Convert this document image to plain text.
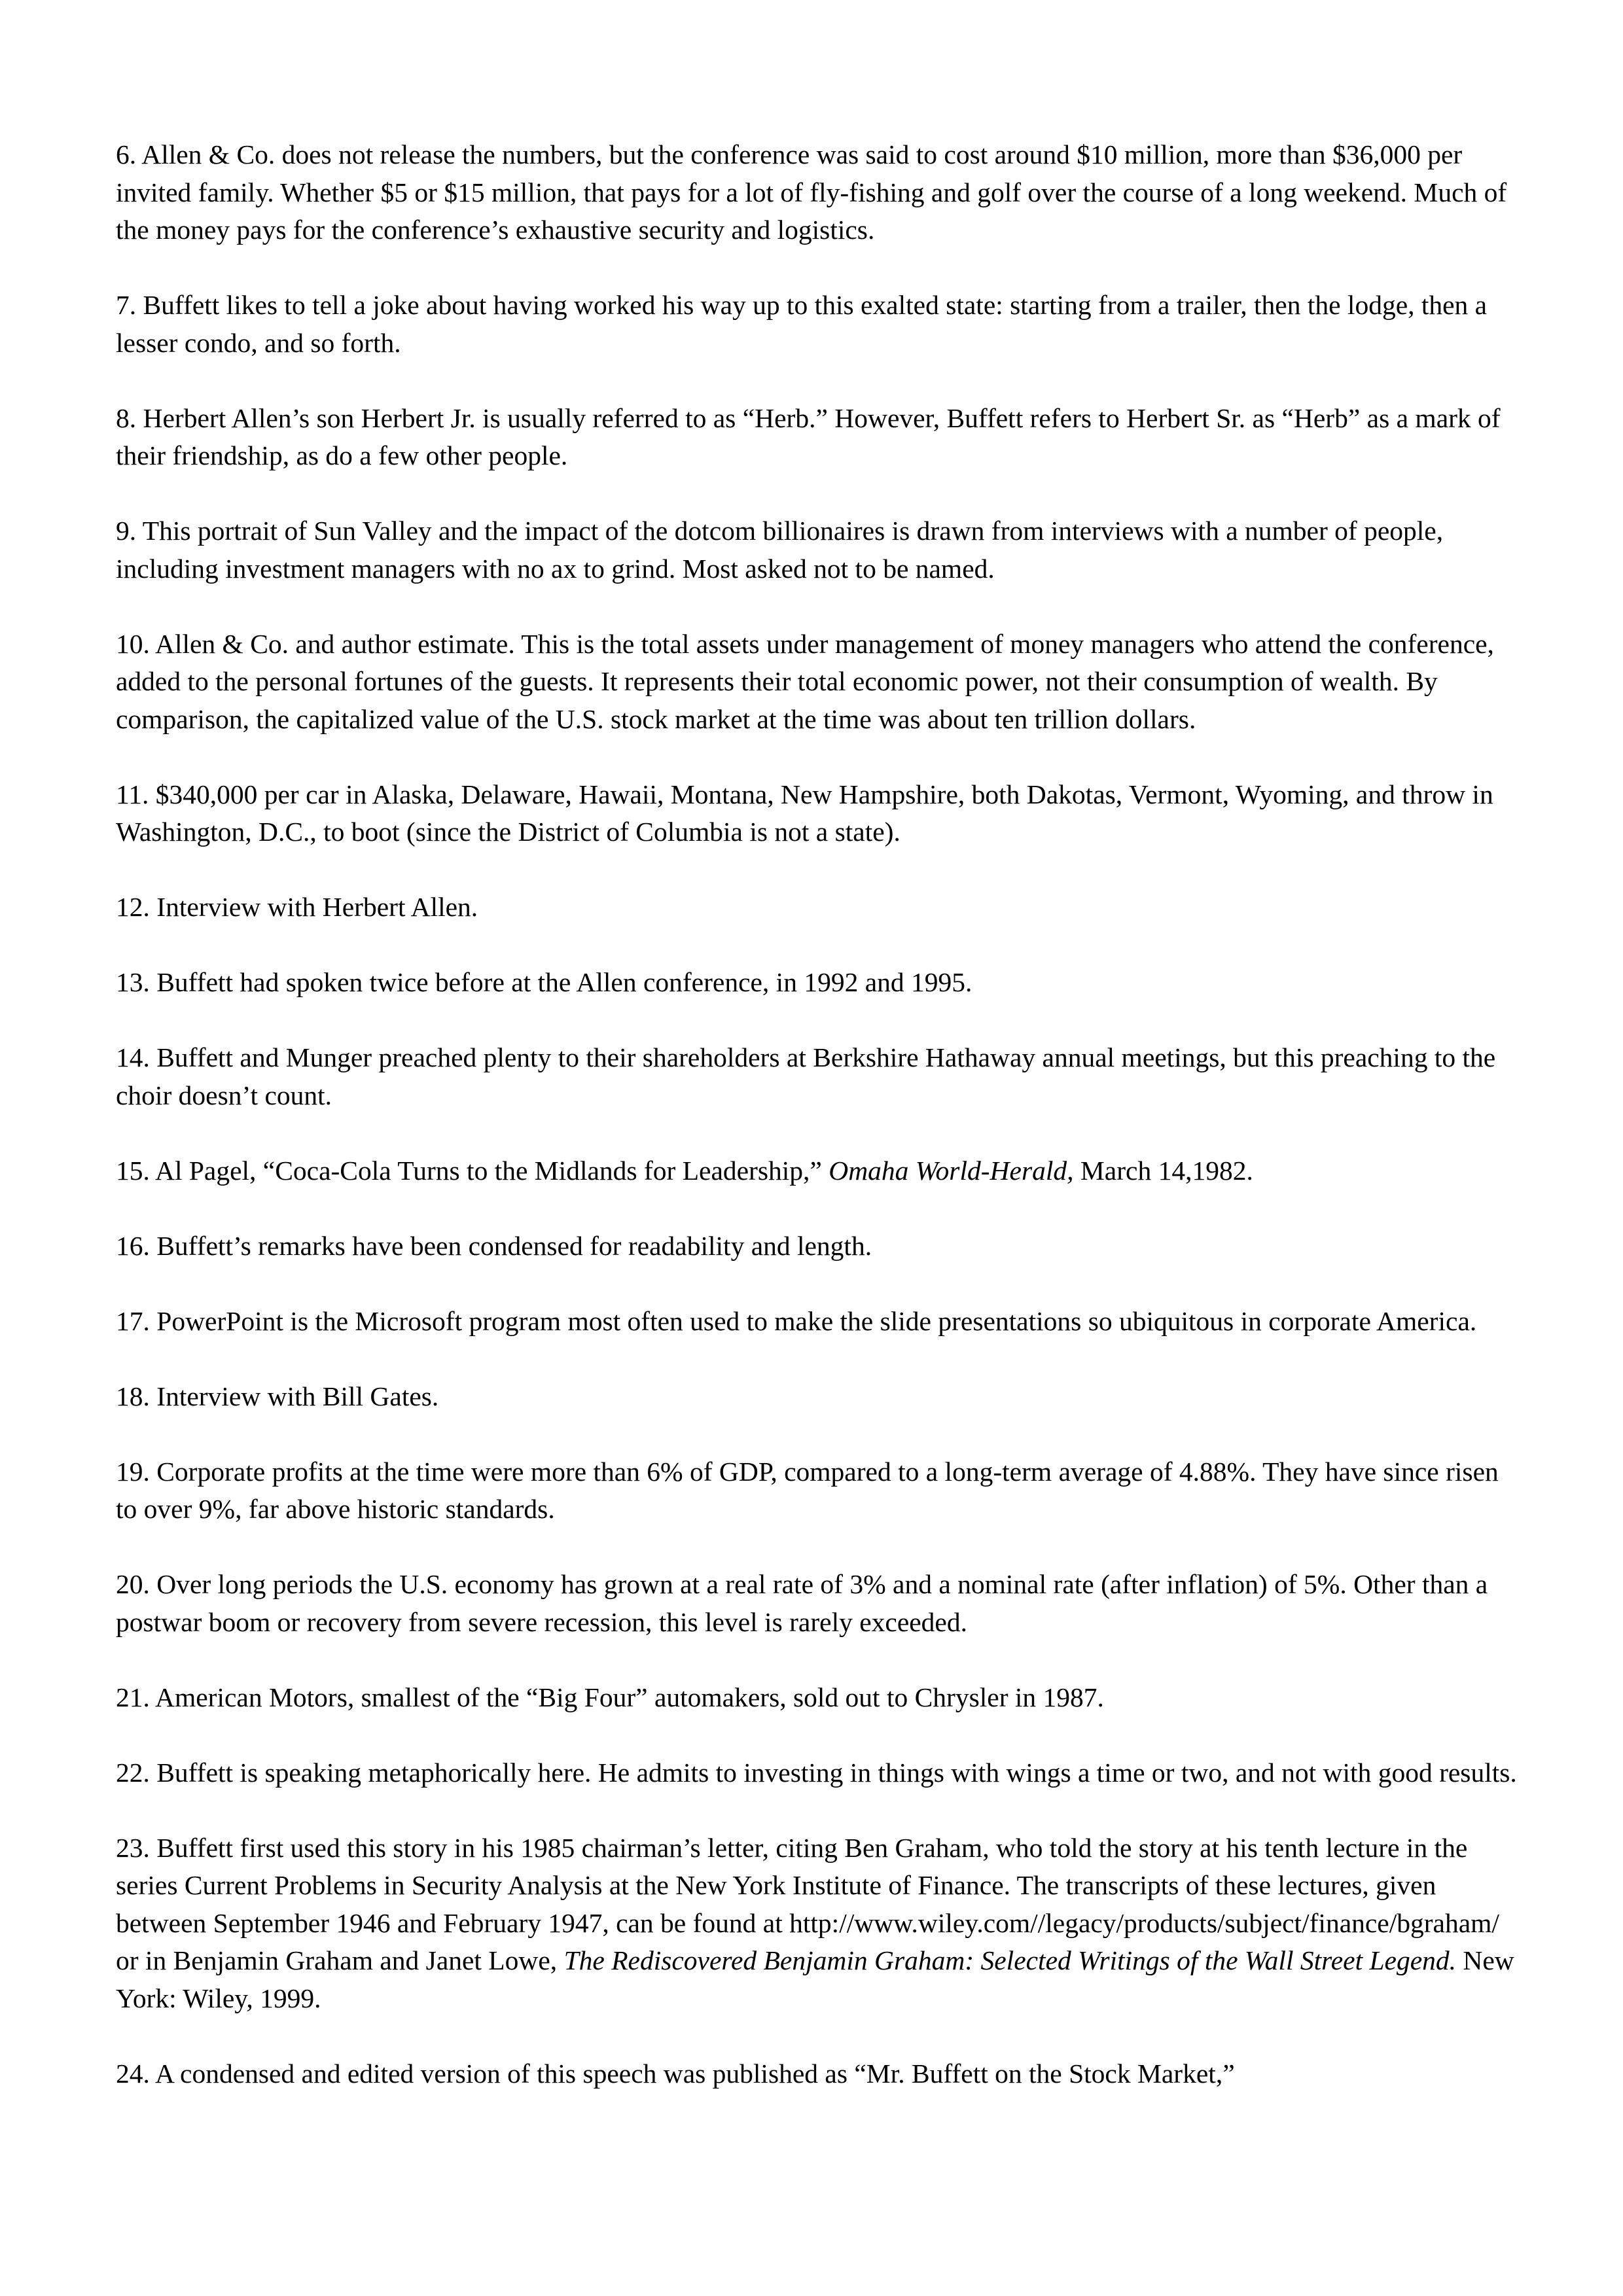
6. Allen & Co. does not release the numbers, but the conference was said to cost around $10 million, more than $36,000 per invited family. Whether $5 or $15 million, that pays for a lot of fly-fishing and golf over the course of a long weekend. Much of the money pays for the conference’s exhaustive security and logistics.

7. Buffett likes to tell a joke about having worked his way up to this exalted state: starting from a trailer, then the lodge, then a lesser condo, and so forth.

8. Herbert Allen’s son Herbert Jr. is usually referred to as “Herb.” However, Buffett refers to Herbert Sr. as “Herb” as a mark of their friendship, as do a few other people.

9. This portrait of Sun Valley and the impact of the dotcom billionaires is drawn from interviews with a number of people, including investment managers with no ax to grind. Most asked not to be named.

10. Allen & Co. and author estimate. This is the total assets under management of money managers who attend the conference, added to the personal fortunes of the guests. It represents their total economic power, not their consumption of wealth. By comparison, the capitalized value of the U.S. stock market at the time was about ten trillion dollars.

11. $340,000 per car in Alaska, Delaware, Hawaii, Montana, New Hampshire, both Dakotas, Vermont, Wyoming, and throw in Washington, D.C., to boot (since the District of Columbia is not a state).

12. Interview with Herbert Allen.

13. Buffett had spoken twice before at the Allen conference, in 1992 and 1995.

14. Buffett and Munger preached plenty to their shareholders at Berkshire Hathaway annual meetings, but this preaching to the choir doesn’t count.

15. Al Pagel, “Coca-Cola Turns to the Midlands for Leadership,” Omaha World-Herald, March 14,1982.

16. Buffett’s remarks have been condensed for readability and length.

17. PowerPoint is the Microsoft program most often used to make the slide presentations so ubiquitous in corporate America.

18. Interview with Bill Gates.

19. Corporate profits at the time were more than 6% of GDP, compared to a long-term average of 4.88%. They have since risen to over 9%, far above historic standards.

20. Over long periods the U.S. economy has grown at a real rate of 3% and a nominal rate (after inflation) of 5%. Other than a postwar boom or recovery from severe recession, this level is rarely exceeded.

21. American Motors, smallest of the “Big Four” automakers, sold out to Chrysler in 1987.

22. Buffett is speaking metaphorically here. He admits to investing in things with wings a time or two, and not with good results.

23. Buffett first used this story in his 1985 chairman’s letter, citing Ben Graham, who told the story at his tenth lecture in the series Current Problems in Security Analysis at the New York Institute of Finance. The transcripts of these lectures, given between September 1946 and February 1947, can be found at http://www.wiley.com//legacy/products/subject/finance/bgraham/ or in Benjamin Graham and Janet Lowe, The Rediscovered Benjamin Graham: Selected Writings of the Wall Street Legend. New York: Wiley, 1999.

24. A condensed and edited version of this speech was published as “Mr. Buffett on the Stock Market,”
